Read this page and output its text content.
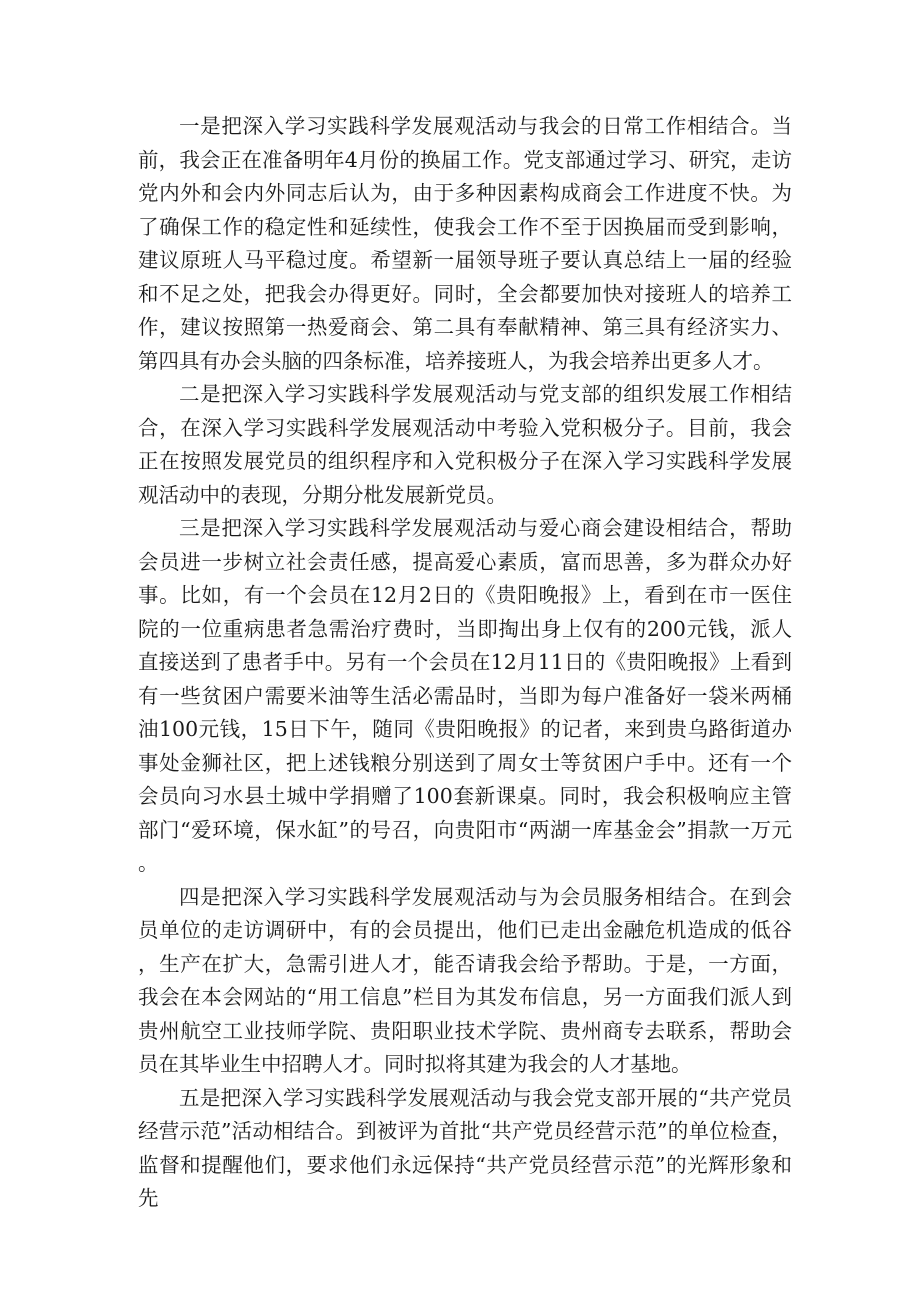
一是把深入学习实践科学发展观活动与我会的日常工作相结合。当前，我会正在准备明年4月份的换届工作。党支部通过学习、研究，走访党内外和会内外同志后认为，由于多种因素构成商会工作进度不快。为了确保工作的稳定性和延续性，使我会工作不至于因换届而受到影响，建议原班人马平稳过度。希望新一届领导班子要认真总结上一届的经验和不足之处，把我会办得更好。同时，全会都要加快对接班人的培养工作，建议按照第一热爱商会、第二具有奉献精神、第三具有经济实力、第四具有办会头脑的四条标准，培养接班人，为我会培养出更多人才。

二是把深入学习实践科学发展观活动与党支部的组织发展工作相结合，在深入学习实践科学发展观活动中考验入党积极分子。目前，我会正在按照发展党员的组织程序和入党积极分子在深入学习实践科学发展观活动中的表现，分期分枇发展新党员。

三是把深入学习实践科学发展观活动与爱心商会建设相结合，帮助会员进一步树立社会责任感，提高爱心素质，富而思善，多为群众办好事。比如，有一个会员在12月2日的《贵阳晚报》上，看到在市一医住院的一位重病患者急需治疗费时，当即掏出身上仅有的200元钱，派人直接送到了患者手中。另有一个会员在12月11日的《贵阳晚报》上看到有一些贫困户需要米油等生活必需品时，当即为每户准备好一袋米两桶油100元钱，15日下午，随同《贵阳晚报》的记者，来到贵乌路街道办事处金狮社区，把上述钱粮分别送到了周女士等贫困户手中。还有一个会员向习水县土城中学捐赠了100套新课桌。同时，我会积极响应主管部门“爱环境，保水缸”的号召，向贵阳市“两湖一库基金会”捐款一万元。

四是把深入学习实践科学发展观活动与为会员服务相结合。在到会员单位的走访调研中，有的会员提出，他们已走出金融危机造成的低谷，生产在扩大，急需引进人才，能否请我会给予帮助。于是，一方面，我会在本会网站的“用工信息”栏目为其发布信息，另一方面我们派人到贵州航空工业技师学院、贵阳职业技术学院、贵州商专去联系，帮助会员在其毕业生中招聘人才。同时拟将其建为我会的人才基地。

五是把深入学习实践科学发展观活动与我会党支部开展的“共产党员经营示范”活动相结合。到被评为首批“共产党员经营示范”的单位检查，监督和提醒他们，要求他们永远保持“共产党员经营示范”的光辉形象和先
